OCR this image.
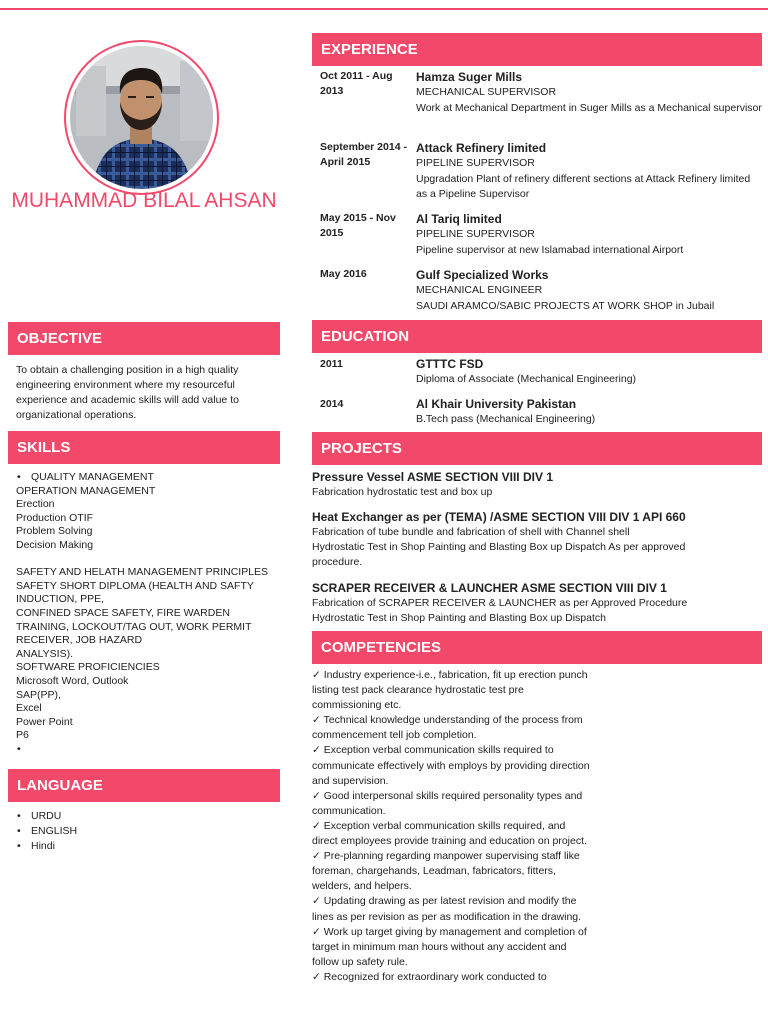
MUHAMMAD BILAL AHSAN
OBJECTIVE
To obtain a challenging position in a high quality engineering environment where my resourceful experience and academic skills will add value to organizational operations.
SKILLS
• QUALITY MANAGEMENT
OPERATION MANAGEMENT
Erection
Production OTIF
Problem Solving
Decision Making

SAFETY AND HELATH MANAGEMENT PRINCIPLES
SAFETY SHORT DIPLOMA (HEALTH AND SAFTY INDUCTION, PPE,
CONFINED SPACE SAFETY, FIRE WARDEN TRAINING, LOCKOUT/TAG OUT, WORK PERMIT RECEIVER, JOB HAZARD
ANALYSIS).
SOFTWARE PROFICIENCIES
Microsoft Word, Outlook
SAP(PP),
Excel
Power Point
P6
•
LANGUAGE
• URDU
• ENGLISH
• Hindi
EXPERIENCE
Oct 2011 - Aug 2013
Hamza Suger Mills
MECHANICAL SUPERVISOR
Work at Mechanical Department in Suger Mills as a Mechanical supervisor
September 2014 - April 2015
Attack Refinery limited
PIPELINE SUPERVISOR
Upgradation Plant of refinery different sections at Attack Refinery limited as a Pipeline Supervisor
May 2015 - Nov 2015
Al Tariq limited
PIPELINE SUPERVISOR
Pipeline supervisor at new Islamabad international Airport
May 2016	Gulf Specialized Works
MECHANICAL ENGINEER
SAUDI ARAMCO/SABIC PROJECTS AT WORK SHOP in Jubail
EDUCATION
2011	GTTTC FSD
Diploma of Associate (Mechanical Engineering)
2014	Al Khair University Pakistan
B.Tech pass (Mechanical Engineering)
PROJECTS
Pressure Vessel ASME SECTION VIII DIV 1
Fabrication hydrostatic test and box up
Heat Exchanger as per (TEMA) /ASME SECTION VIII DIV 1 API 660
Fabrication of tube bundle and fabrication of shell with Channel shell
Hydrostatic Test in Shop Painting and Blasting Box up Dispatch As per approved procedure.
SCRAPER RECEIVER & LAUNCHER ASME SECTION VIII DIV 1
Fabrication of SCRAPER RECEIVER & LAUNCHER as per Approved Procedure
Hydrostatic Test in Shop Painting and Blasting Box up Dispatch
COMPETENCIES
✓ Industry experience-i.e., fabrication, fit up erection punch listing test pack clearance hydrostatic test pre commissioning etc.
✓ Technical knowledge understanding of the process from commencement tell job completion.
✓ Exception verbal communication skills required to communicate effectively with employs by providing direction and supervision.
✓ Good interpersonal skills required personality types and communication.
✓ Exception verbal communication skills required, and direct employees provide training and education on project.
✓ Pre-planning regarding manpower supervising staff like foreman, chargehands, Leadman, fabricators, fitters, welders, and helpers.
✓ Updating drawing as per latest revision and modify the lines as per revision as per as modification in the drawing.
✓ Work up target giving by management and completion of target in minimum man hours without any accident and follow up safety rule.
✓ Recognized for extraordinary work conducted to
